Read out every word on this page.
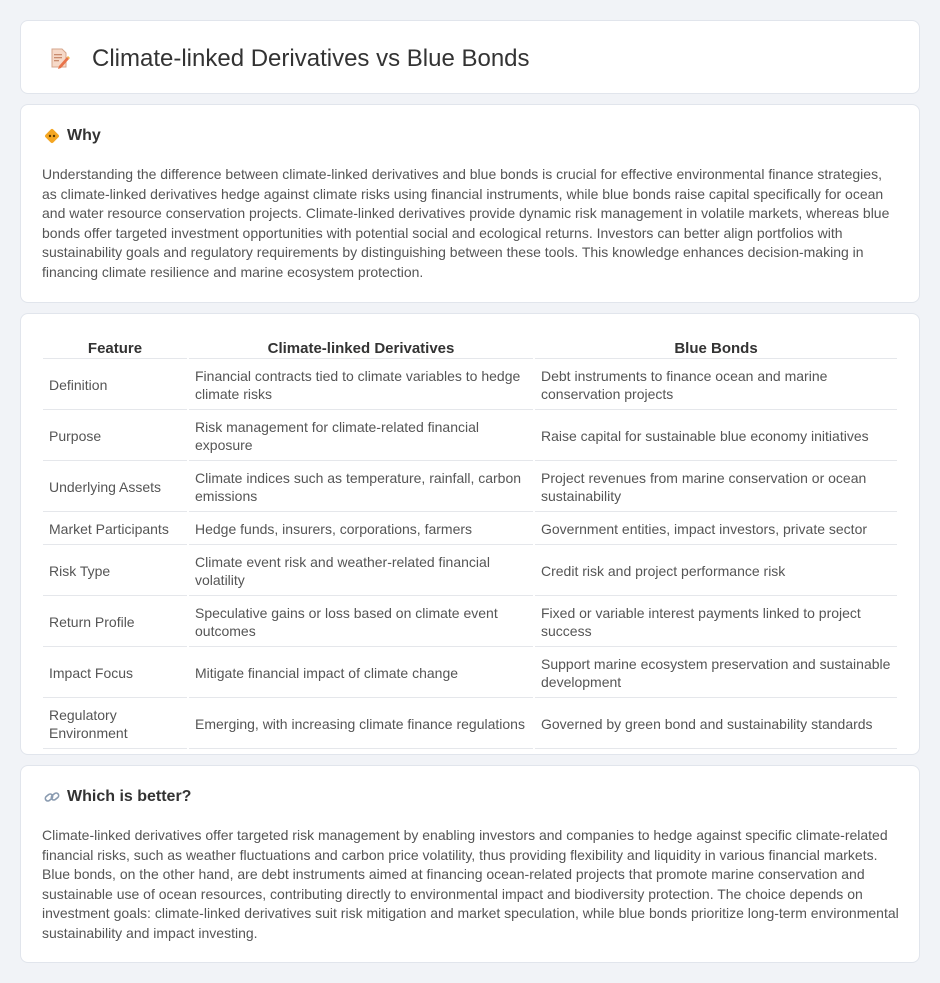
Climate-linked Derivatives vs Blue Bonds
Why

Understanding the difference between climate-linked derivatives and blue bonds is crucial for effective environmental finance strategies, as climate-linked derivatives hedge against climate risks using financial instruments, while blue bonds raise capital specifically for ocean and water resource conservation projects. Climate-linked derivatives provide dynamic risk management in volatile markets, whereas blue bonds offer targeted investment opportunities with potential social and ecological returns. Investors can better align portfolios with sustainability goals and regulatory requirements by distinguishing between these tools. This knowledge enhances decision-making in financing climate resilience and marine ecosystem protection.

Feature	Climate-linked Derivatives	Blue Bonds
Definition	Financial contracts tied to climate variables to hedge climate risks	Debt instruments to finance ocean and marine conservation projects
Purpose	Risk management for climate-related financial exposure	Raise capital for sustainable blue economy initiatives
Underlying Assets	Climate indices such as temperature, rainfall, carbon emissions	Project revenues from marine conservation or ocean sustainability
Market Participants	Hedge funds, insurers, corporations, farmers	Government entities, impact investors, private sector
Risk Type	Climate event risk and weather-related financial volatility	Credit risk and project performance risk
Return Profile	Speculative gains or loss based on climate event outcomes	Fixed or variable interest payments linked to project success
Impact Focus	Mitigate financial impact of climate change	Support marine ecosystem preservation and sustainable development
Regulatory Environment	Emerging, with increasing climate finance regulations	Governed by green bond and sustainability standards
Which is better?

Climate-linked derivatives offer targeted risk management by enabling investors and companies to hedge against specific climate-related financial risks, such as weather fluctuations and carbon price volatility, thus providing flexibility and liquidity in various financial markets. Blue bonds, on the other hand, are debt instruments aimed at financing ocean-related projects that promote marine conservation and sustainable use of ocean resources, contributing directly to environmental impact and biodiversity protection. The choice depends on investment goals: climate-linked derivatives suit risk mitigation and market speculation, while blue bonds prioritize long-term environmental sustainability and impact investing.
